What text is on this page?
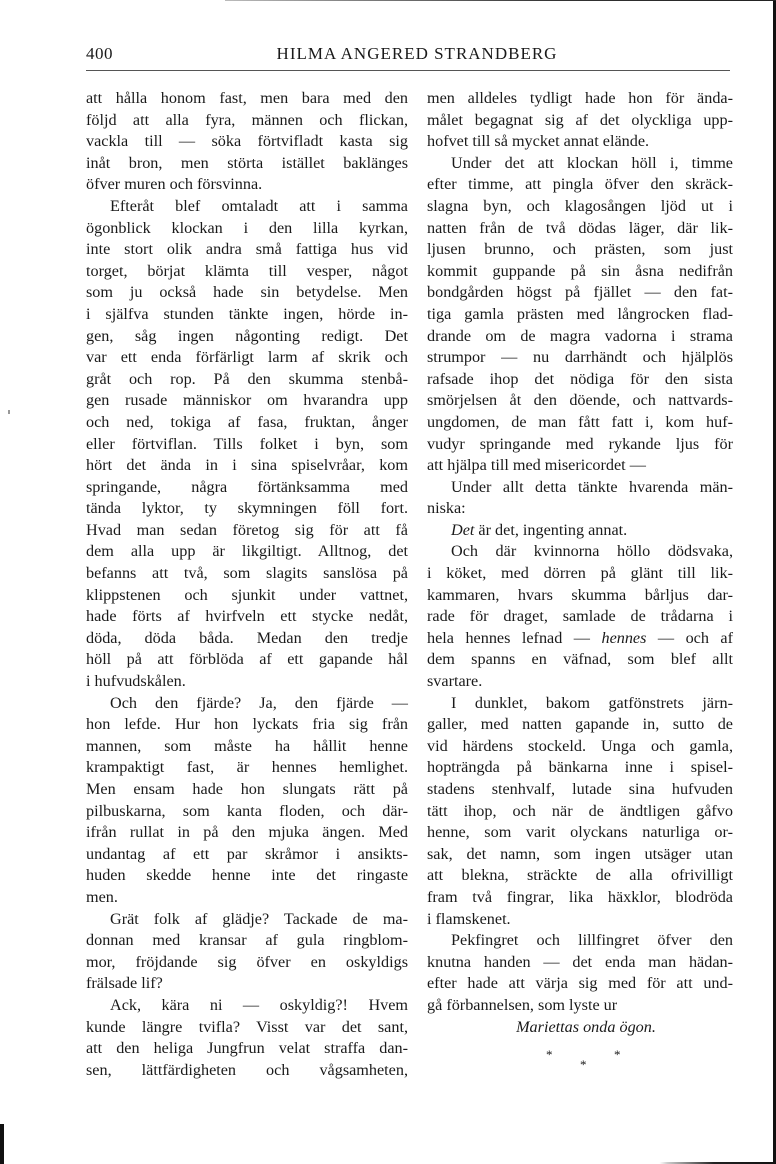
400	HILMA ANGERED STRANDBERG
att hålla honom fast, men bara med den
följd att alla fyra, männen och flickan,
vackla till — söka förtvifladt kasta sig
inåt bron, men störta istället baklänges
öfver muren och försvinna.
Efteråt blef omtaladt att i samma
ögonblick klockan i den lilla kyrkan,
inte stort olik andra små fattiga hus vid
torget, börjat klämta till vesper, något
som ju också hade sin betydelse. Men
i själfva stunden tänkte ingen, hörde in-
gen, såg ingen någonting redigt. Det
var ett enda förfärligt larm af skrik och
gråt och rop. På den skumma stenbå-
gen rusade människor om hvarandra upp
och ned, tokiga af fasa, fruktan, ånger
eller förtviflan. Tills folket i byn, som
hört det ända in i sina spiselvråar, kom
springande, några förtänksamma med
tända lyktor, ty skymningen föll fort.
Hvad man sedan företog sig för att få
dem alla upp är likgiltigt. Alltnog, det
befanns att två, som slagits sanslösa på
klippstenen och sjunkit under vattnet,
hade förts af hvirfveln ett stycke nedåt,
döda, döda båda. Medan den tredje
höll på att förblöda af ett gapande hål
i hufvudskålen.
Och den fjärde? Ja, den fjärde —
hon lefde. Hur hon lyckats fria sig från
mannen, som måste ha hållit henne
krampaktigt fast, är hennes hemlighet.
Men ensam hade hon slungats rätt på
pilbuskarna, som kanta floden, och där-
ifrån rullat in på den mjuka ängen. Med
undantag af ett par skråmor i ansikts-
huden skedde henne inte det ringaste
men.
Grät folk af glädje? Tackade de ma-
donnan med kransar af gula ringblom-
mor, fröjdande sig öfver en oskyldigs
frälsade lif?
Ack, kära ni — oskyldig?! Hvem
kunde längre tvifla? Visst var det sant,
att den heliga Jungfrun velat straffa dan-
sen, lättfärdigheten och vågsamheten,
men alldeles tydligt hade hon för ända-
målet begagnat sig af det olyckliga upp-
hofvet till så mycket annat elände.
Under det att klockan höll i, timme
efter timme, att pingla öfver den skräck-
slagna byn, och klagosången ljöd ut i
natten från de två dödas läger, där lik-
ljusen brunno, och prästen, som just
kommit guppande på sin åsna nedifrån
bondgården högst på fjället — den fat-
tiga gamla prästen med långrocken flad-
drande om de magra vadorna i strama
strumpor — nu darrhändt och hjälplös
rafsade ihop det nödiga för den sista
smörjelsen åt den döende, och nattvards-
ungdomen, de man fått fatt i, kom huf-
vudyr springande med rykande ljus för
att hjälpa till med misericordet —
Under allt detta tänkte hvarenda män-
niska:
Det är det, ingenting annat.
Och där kvinnorna höllo dödsvaka,
i köket, med dörren på glänt till lik-
kammaren, hvars skumma bårljus dar-
rade för draget, samlade de trådarna i
hela hennes lefnad — hennes — och af
dem spanns en väfnad, som blef allt
svartare.
I dunklet, bakom gatfönstrets järn-
galler, med natten gapande in, sutto de
vid härdens stockeld. Unga och gamla,
hopträngda på bänkarna inne i spisel-
stadens stenhvalf, lutade sina hufvuden
tätt ihop, och när de ändtligen gåfvo
henne, som varit olyckans naturliga or-
sak, det namn, som ingen utsäger utan
att blekna, sträckte de alla ofrivilligt
fram två fingrar, lika häxklor, blodröda
i flamskenet.
Pekfingret och lillfingret öfver den
knutna handen — det enda man hädan-
efter hade att värja sig med för att und-
gå förbannelsen, som lyste ur
Mariettas onda ögon.
*
*
*
